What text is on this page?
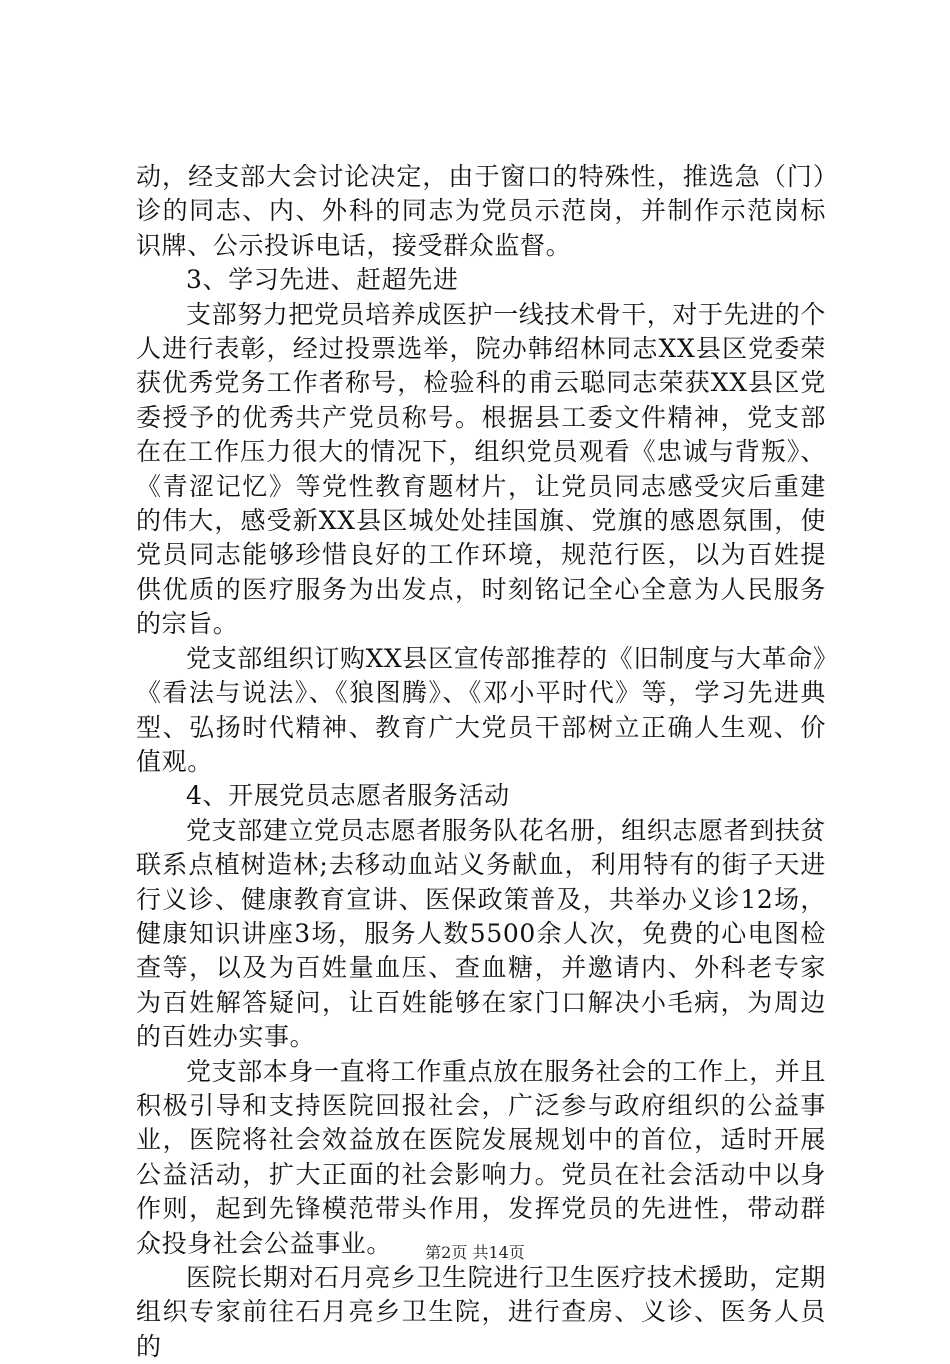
动，经支部大会讨论决定，由于窗口的特殊性，推选急（门）诊的同志、内、外科的同志为党员示范岗，并制作示范岗标识牌、公示投诉电话，接受群众监督。

3、学习先进、赶超先进

支部努力把党员培养成医护一线技术骨干，对于先进的个人进行表彰，经过投票选举，院办韩绍林同志XX县区党委荣获优秀党务工作者称号，检验科的甫云聪同志荣获XX县区党委授予的优秀共产党员称号。根据县工委文件精神，党支部在在工作压力很大的情况下，组织党员观看《忠诚与背叛》、《青涩记忆》等党性教育题材片，让党员同志感受灾后重建的伟大，感受新XX县区城处处挂国旗、党旗的感恩氛围，使党员同志能够珍惜良好的工作环境，规范行医，以为百姓提供优质的医疗服务为出发点，时刻铭记全心全意为人民服务的宗旨。

党支部组织订购XX县区宣传部推荐的《旧制度与大革命》《看法与说法》、《狼图腾》、《邓小平时代》等，学习先进典型、弘扬时代精神、教育广大党员干部树立正确人生观、价值观。

4、开展党员志愿者服务活动

党支部建立党员志愿者服务队花名册，组织志愿者到扶贫联系点植树造林;去移动血站义务献血，利用特有的街子天进行义诊、健康教育宣讲、医保政策普及，共举办义诊12场，健康知识讲座3场，服务人数5500余人次，免费的心电图检查等，以及为百姓量血压、查血糖，并邀请内、外科老专家为百姓解答疑问，让百姓能够在家门口解决小毛病，为周边的百姓办实事。

党支部本身一直将工作重点放在服务社会的工作上，并且积极引导和支持医院回报社会，广泛参与政府组织的公益事业，医院将社会效益放在医院发展规划中的首位，适时开展公益活动，扩大正面的社会影响力。党员在社会活动中以身作则，起到先锋模范带头作用，发挥党员的先进性，带动群众投身社会公益事业。

医院长期对石月亮乡卫生院进行卫生医疗技术援助，定期组织专家前往石月亮乡卫生院，进行查房、义诊、医务人员的

第2页 共14页
